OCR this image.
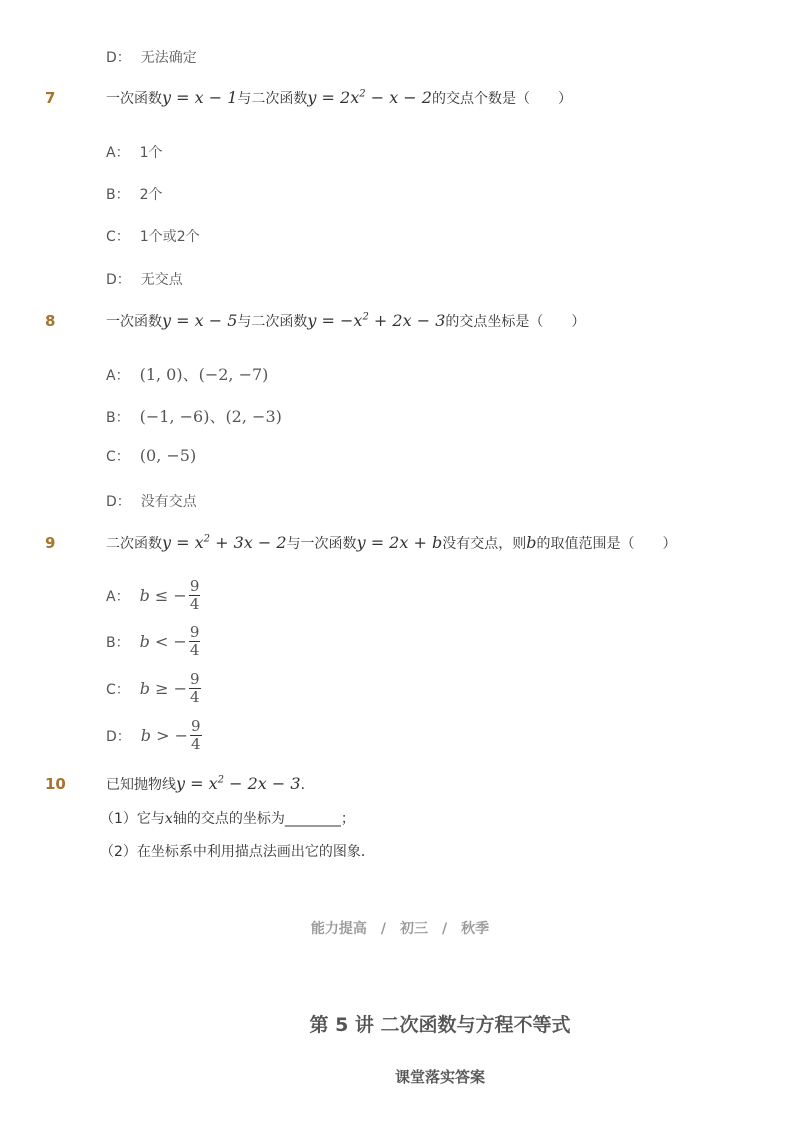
D： 无法确定
7	一次函数y = x − 1与二次函数$y = 2x^2 - x - 2$的交点个数是（　　）
A： 1个
B： 2个
C： 1个或2个
D： 无交点
8	一次函数y = x − 5与二次函数$y = -x^2 + 2x - 3$的交点坐标是（　　）
A： (1, 0)、(−2, −7)
B： (−1, −6)、(2, −3)
C： (0, −5)
D： 没有交点
9	二次函数$y = x^2 + 3x - 2$与一次函数y = 2x + b没有交点，则b的取值范围是（　　）
A： b ≤ − $\frac{9}{4}$
B： b < − $\frac{9}{4}$
C： b ≥ − $\frac{9}{4}$
D： b > − $\frac{9}{4}$
10	已知抛物线$y = x^2 - 2x - 3$．
（1）它与x轴的交点的坐标为________；
（2）在坐标系中利用描点法画出它的图象．
能力提高　/　初三　/　秋季
第 5 讲 二次函数与方程不等式
课堂落实答案
